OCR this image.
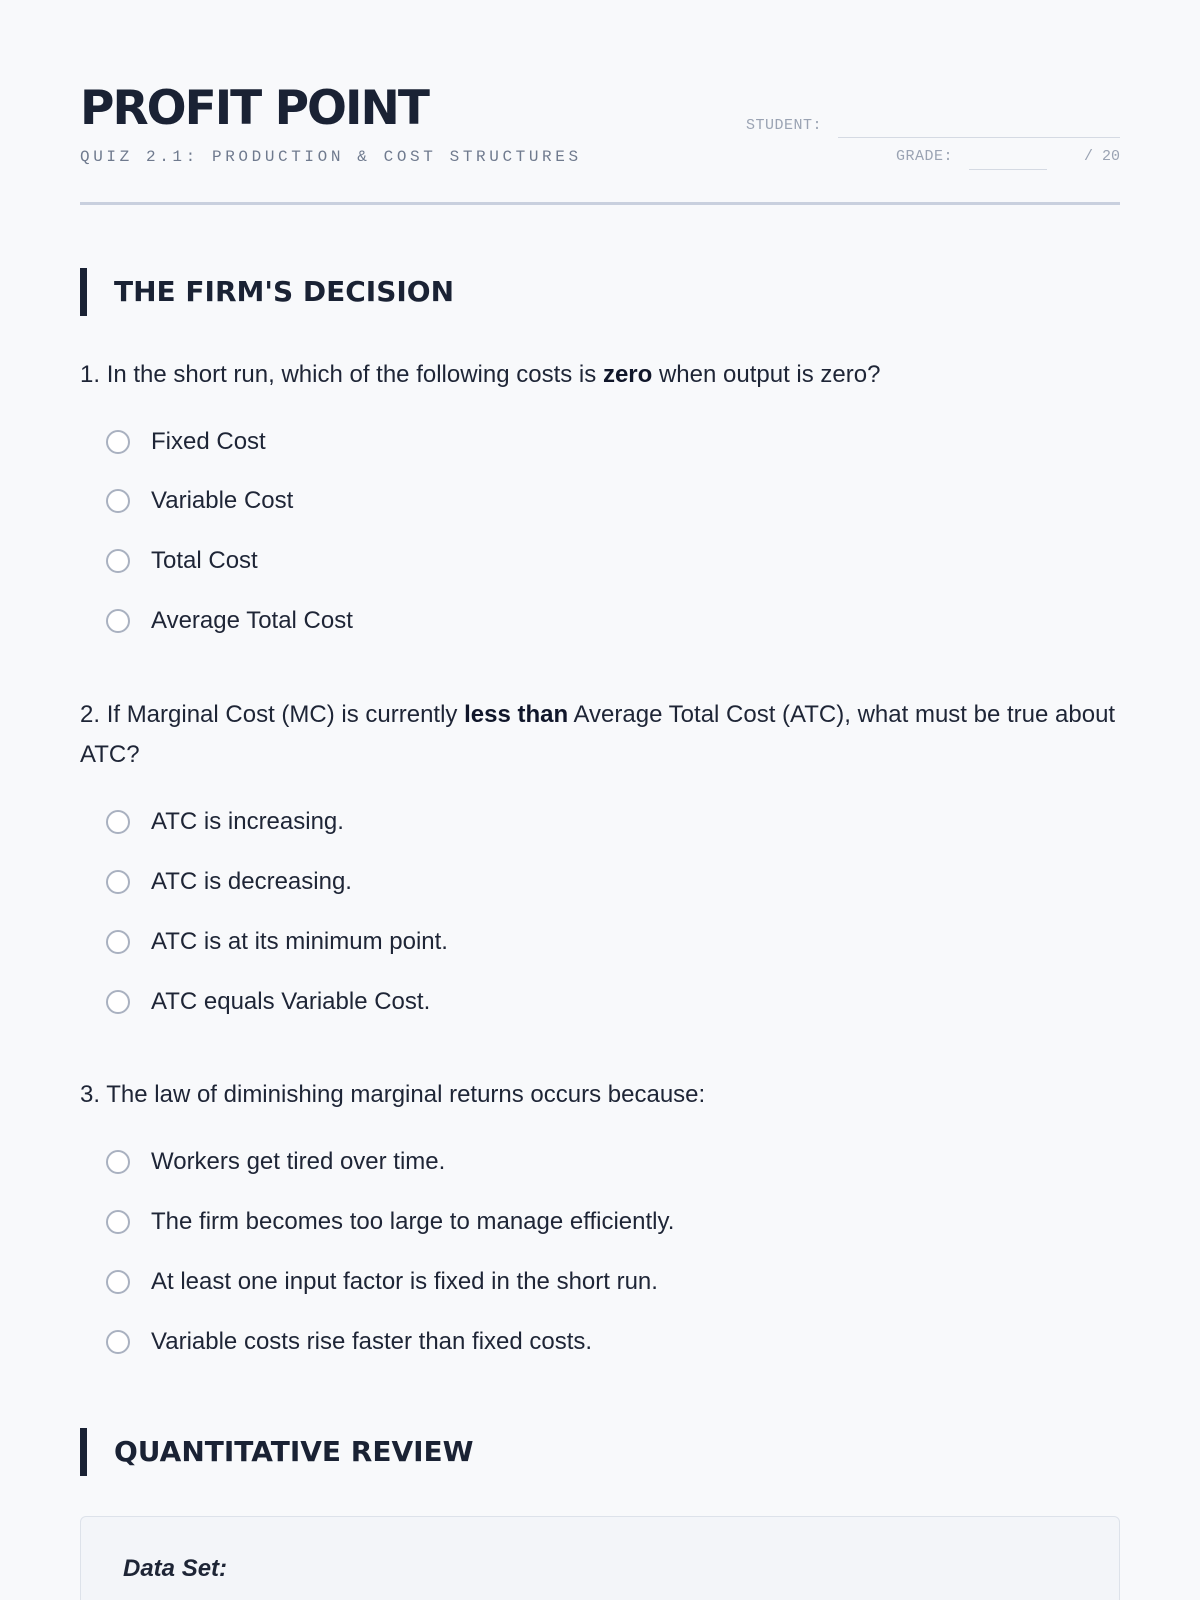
PROFIT POINT
QUIZ 2.1: PRODUCTION & COST STRUCTURES
STUDENT:
GRADE:	/ 20
THE FIRM'S DECISION

1. In the short run, which of the following costs is zero when output is zero?

Fixed Cost
Variable Cost
Total Cost
Average Total Cost

2. If Marginal Cost (MC) is currently less than Average Total Cost (ATC), what must be true about ATC?

ATC is increasing.
ATC is decreasing.
ATC is at its minimum point.
ATC equals Variable Cost.

3. The law of diminishing marginal returns occurs because:

Workers get tired over time.
The firm becomes too large to manage efficiently.
At least one input factor is fixed in the short run.
Variable costs rise faster than fixed costs.
QUANTITATIVE REVIEW
Data Set:
